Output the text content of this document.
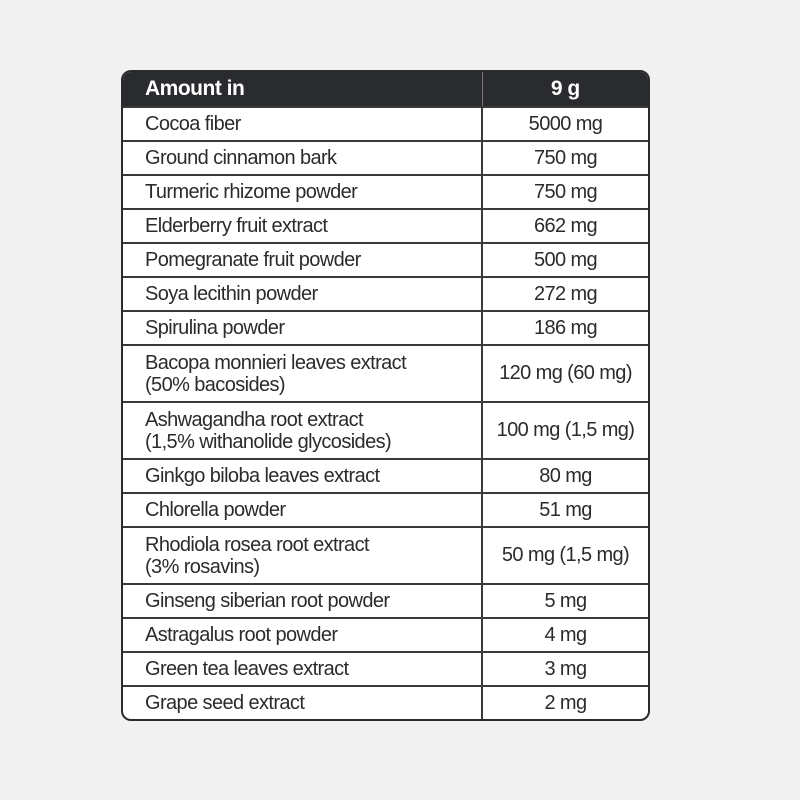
Amount in	9 g
Cocoa fiber	5000 mg
Ground cinnamon bark	750 mg
Turmeric rhizome powder	750 mg
Elderberry fruit extract	662 mg
Pomegranate fruit powder	500 mg
Soya lecithin powder	272 mg
Spirulina powder	186 mg

Bacopa monnieri leaves extract
(50% bacosides)	120 mg (60 mg)

Ashwagandha root extract
(1,5% withanolide glycosides)	100 mg (1,5 mg)
Ginkgo biloba leaves extract	80 mg
Chlorella powder	51 mg

Rhodiola rosea root extract
(3% rosavins)	50 mg (1,5 mg)
Ginseng siberian root powder	5 mg
Astragalus root powder	4 mg
Green tea leaves extract	3 mg
Grape seed extract	2 mg
